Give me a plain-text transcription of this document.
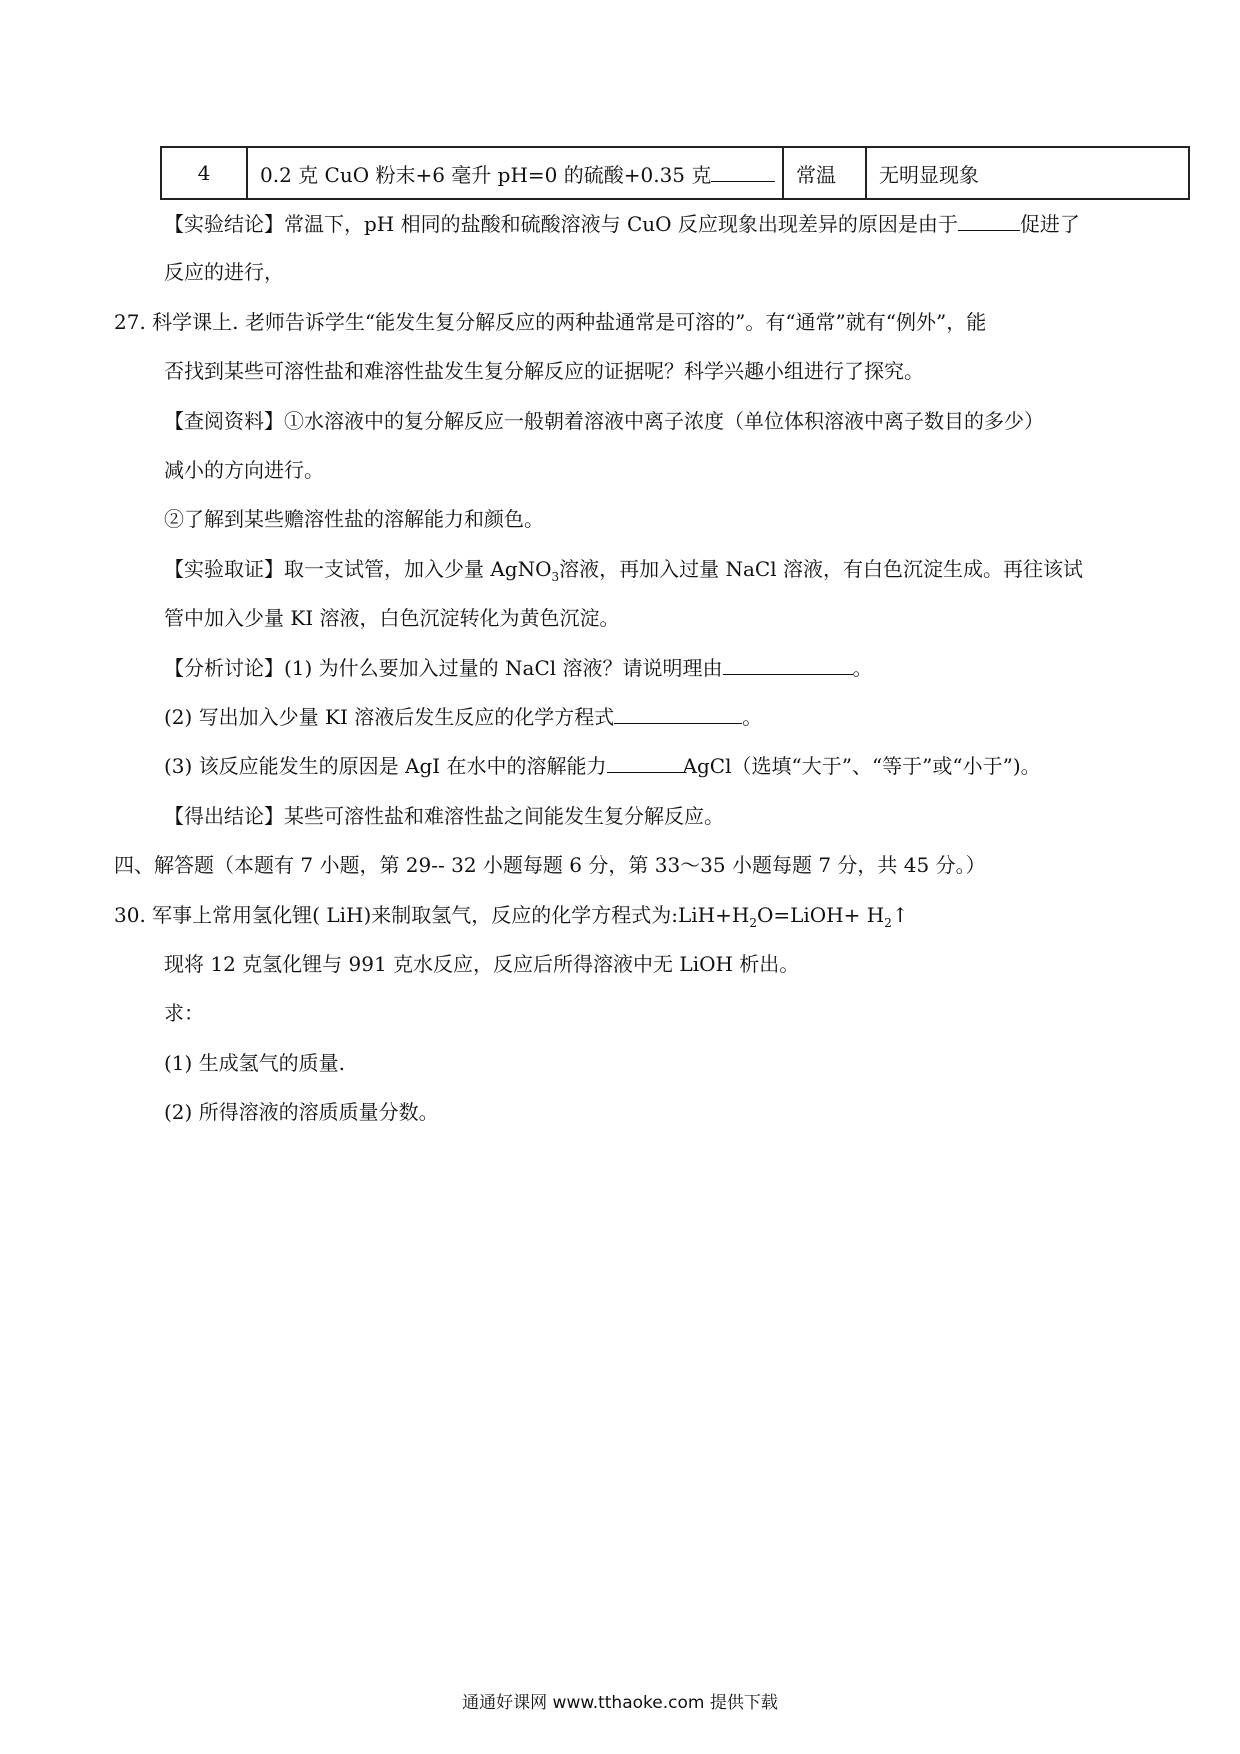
4	0.2 克 CuO 粉末+6 毫升 pH=0 的硫酸+0.35 克	常温	无明显现象
【实验结论】常温下，pH 相同的盐酸和硫酸溶液与 CuO 反应现象出现差异的原因是由于	促进了
反应的进行，
27. 科学课上. 老师告诉学生“能发生复分解反应的两种盐通常是可溶的”。有“通常”就有“例外”，能
否找到某些可溶性盐和难溶性盐发生复分解反应的证据呢？科学兴趣小组进行了探究。
【查阅资料】①水溶液中的复分解反应一般朝着溶液中离子浓度（单位体积溶液中离子数目的多少）
减小的方向进行。
②了解到某些赡溶性盐的溶解能力和颜色。
【实验取证】取一支试管，加入少量 AgNO$_3$溶液，再加入过量 NaCl 溶液，有白色沉淀生成。再往该试
管中加入少量 KI 溶液，白色沉淀转化为黄色沉淀。
【分析讨论】(1) 为什么要加入过量的 NaCl 溶液？请说明理由	。
(2) 写出加入少量 KI 溶液后发生反应的化学方程式	。
(3) 该反应能发生的原因是 AgI 在水中的溶解能力	AgCl（选填“大于”、“等于”或“小于”)。
【得出结论】某些可溶性盐和难溶性盐之间能发生复分解反应。
四、解答题（本题有 7 小题，第 29-- 32 小题每题 6 分，第 33～35 小题每题 7 分，共 45 分。）
30. 军事上常用氢化锂( LiH)来制取氢气，反应的化学方程式为$:LiH+H_2O=LiOH+$ $H_2↑$
现将 12 克氢化锂与 991 克水反应，反应后所得溶液中无 LiOH 析出。
求：
(1) 生成氢气的质量.
(2) 所得溶液的溶质质量分数。
通通好课网 www.tthaoke.com 提供下载
